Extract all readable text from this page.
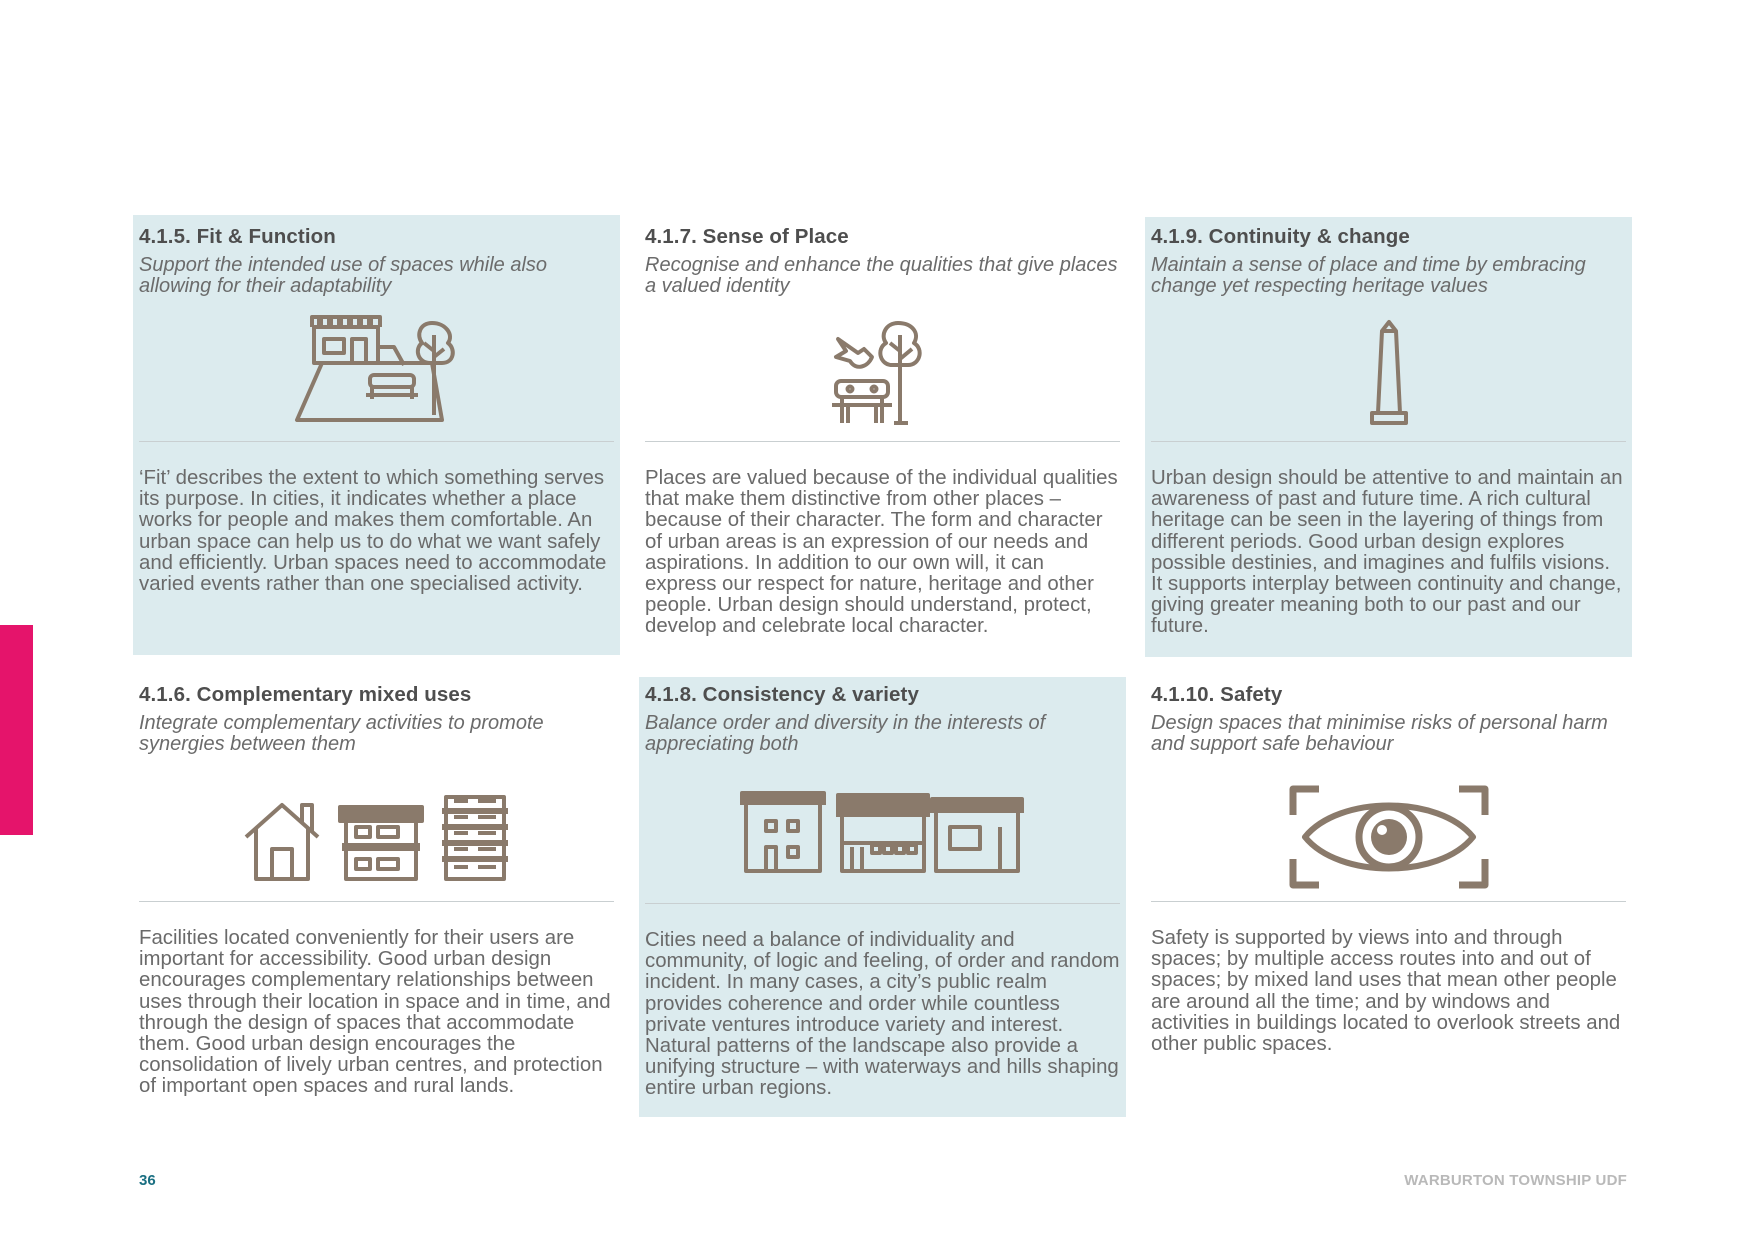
4.1.5. Fit & Function

Support the intended use of spaces while also allowing for their adaptability

‘Fit’ describes the extent to which something serves its purpose. In cities, it indicates whether a place works for people and makes them comfortable. An urban space can help us to do what we want safely and efficiently. Urban spaces need to accommodate varied events rather than one specialised activity.

4.1.7. Sense of Place

Recognise and enhance the qualities that give places a valued identity

Places are valued because of the individual qualities that make them distinctive from other places – because of their character. The form and character of urban areas is an expression of our needs and aspirations. In addition to our own will, it can express our respect for nature, heritage and other people. Urban design should understand, protect, develop and celebrate local character.

4.1.9. Continuity & change

Maintain a sense of place and time by embracing change yet respecting heritage values

Urban design should be attentive to and maintain an awareness of past and future time. A rich cultural heritage can be seen in the layering of things from different periods. Good urban design explores possible destinies, and imagines and fulfils visions. It supports interplay between continuity and change, giving greater meaning both to our past and our future.

4.1.6. Complementary mixed uses

Integrate complementary activities to promote synergies between them

Facilities located conveniently for their users are important for accessibility. Good urban design encourages complementary relationships between uses through their location in space and in time, and through the design of spaces that accommodate them. Good urban design encourages the consolidation of lively urban centres, and protection of important open spaces and rural lands.

4.1.8. Consistency & variety

Balance order and diversity in the interests of appreciating both

Cities need a balance of individuality and community, of logic and feeling, of order and random incident. In many cases, a city’s public realm provides coherence and order while countless private ventures introduce variety and interest. Natural patterns of the landscape also provide a unifying structure – with waterways and hills shaping entire urban regions.

4.1.10. Safety

Design spaces that minimise risks of personal harm and support safe behaviour

Safety is supported by views into and through spaces; by multiple access routes into and out of spaces; by mixed land uses that mean other people are around all the time; and by windows and activities in buildings located to overlook streets and other public spaces.

36	WARBURTON TOWNSHIP UDF
